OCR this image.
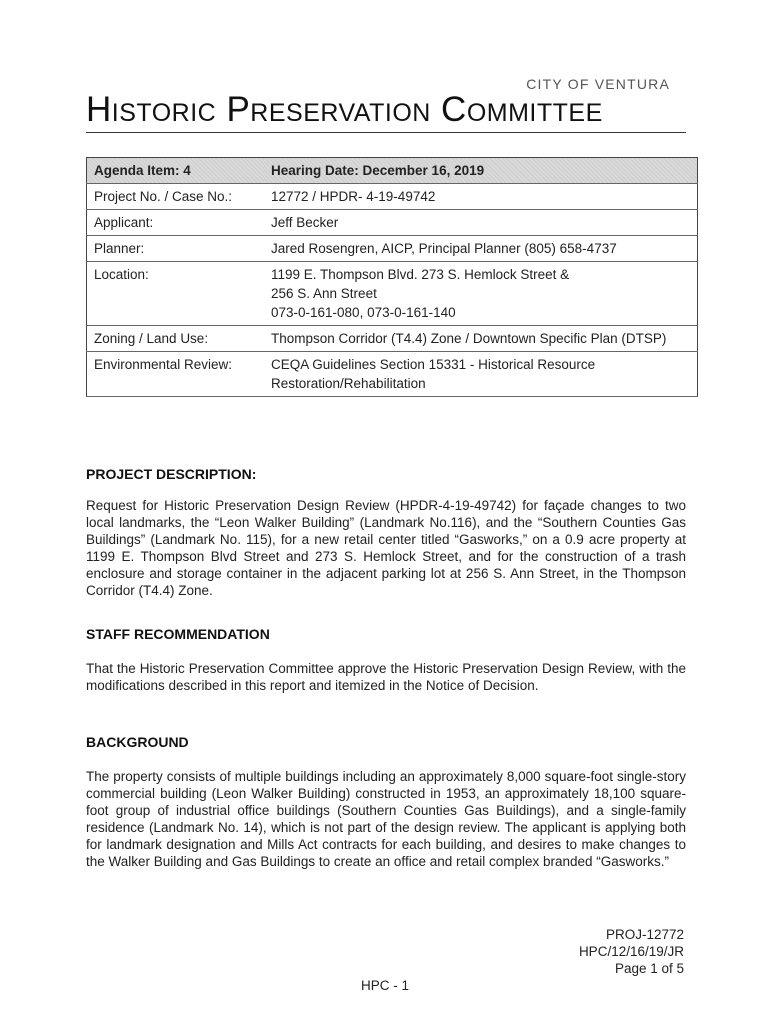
CITY OF VENTURA
Historic Preservation Committee
Agenda Item: 4	Hearing Date: December 16, 2019
Project No. / Case No.:	12772 / HPDR- 4-19-49742
Applicant:	Jeff Becker
Planner:	Jared Rosengren, AICP, Principal Planner (805) 658-4737
Location:	1199 E. Thompson Blvd. 273 S. Hemlock Street &
256 S. Ann Street
073-0-161-080, 073-0-161-140

Zoning / Land Use:	Thompson Corridor (T4.4) Zone / Downtown Specific Plan (DTSP)
Environmental Review:	CEQA Guidelines Section 15331 - Historical Resource Restoration/Rehabilitation
PROJECT DESCRIPTION:
Request for Historic Preservation Design Review (HPDR-4-19-49742) for façade changes to two local landmarks, the “Leon Walker Building” (Landmark No.116), and the “Southern Counties Gas Buildings” (Landmark No. 115), for a new retail center titled “Gasworks,” on a 0.9 acre property at 1199 E. Thompson Blvd Street and 273 S. Hemlock Street, and for the construction of a trash enclosure and storage container in the adjacent parking lot at 256 S. Ann Street, in the Thompson Corridor (T4.4) Zone.
STAFF RECOMMENDATION
That the Historic Preservation Committee approve the Historic Preservation Design Review, with the modifications described in this report and itemized in the Notice of Decision.
BACKGROUND
The property consists of multiple buildings including an approximately 8,000 square-foot single-story commercial building (Leon Walker Building) constructed in 1953, an approximately 18,100 square-foot group of industrial office buildings (Southern Counties Gas Buildings), and a single-family residence (Landmark No. 14), which is not part of the design review. The applicant is applying both for landmark designation and Mills Act contracts for each building, and desires to make changes to the Walker Building and Gas Buildings to create an office and retail complex branded “Gasworks.”
PROJ-12772
HPC/12/16/19/JR
Page 1 of 5
HPC - 1
